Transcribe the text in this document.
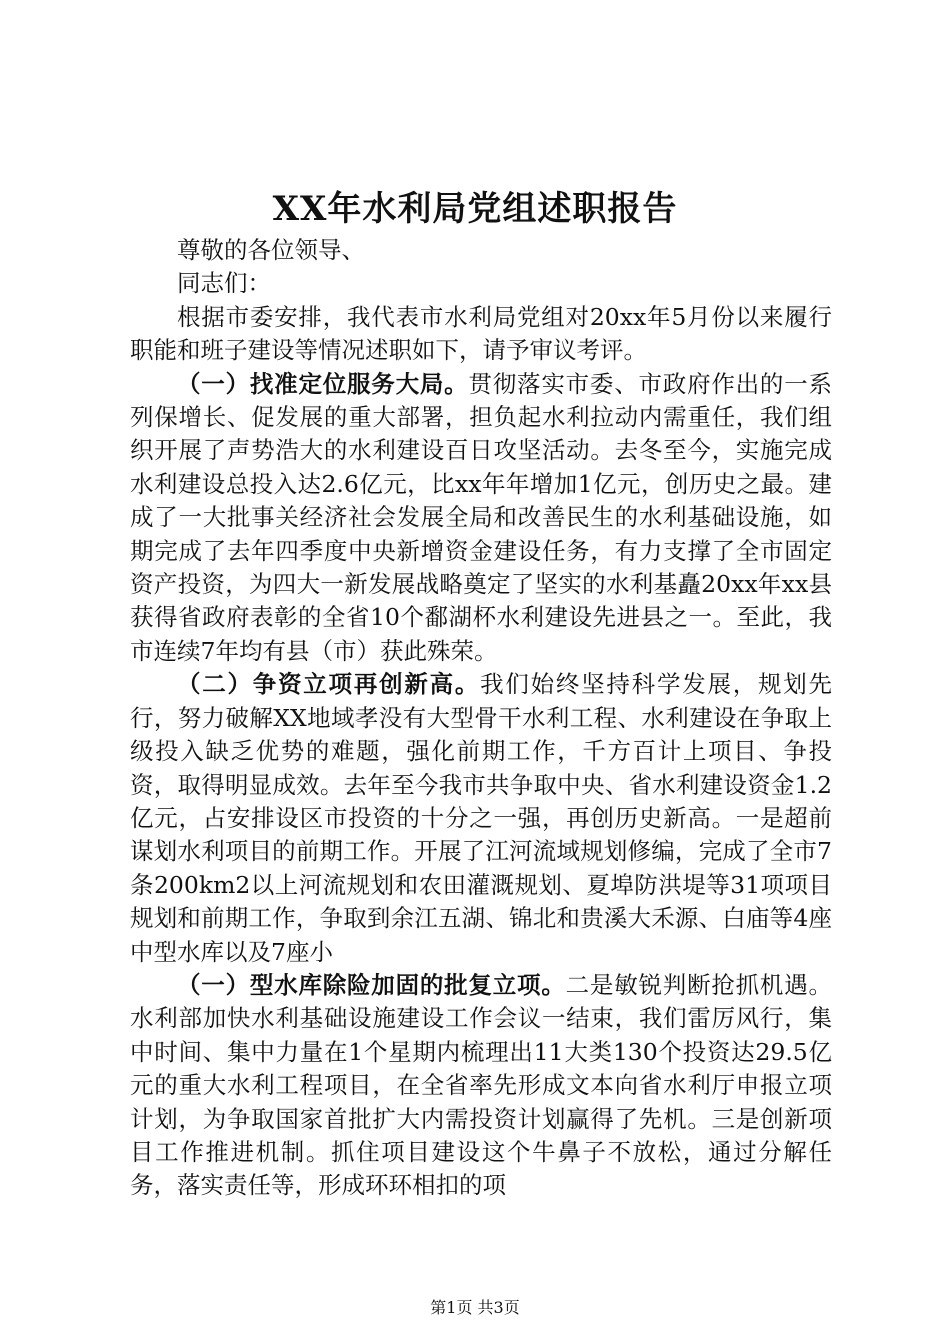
XX年水利局党组述职报告

尊敬的各位领导、

同志们：

根据市委安排，我代表市水利局党组对20xx年5月份以来履行职能和班子建设等情况述职如下，请予审议考评。

（一）找准定位服务大局。贯彻落实市委、市政府作出的一系列保增长、促发展的重大部署，担负起水利拉动内需重任，我们组织开展了声势浩大的水利建设百日攻坚活动。去冬至今，实施完成水利建设总投入达2.6亿元，比xx年年增加1亿元，创历史之最。建成了一大批事关经济社会发展全局和改善民生的水利基础设施，如期完成了去年四季度中央新增资金建设任务，有力支撑了全市固定资产投资，为四大一新发展战略奠定了坚实的水利基矗20xx年xx县获得省政府表彰的全省10个鄱湖杯水利建设先进县之一。至此，我市连续7年均有县（市）获此殊荣。

（二）争资立项再创新高。我们始终坚持科学发展，规划先行，努力破解XX地域孝没有大型骨干水利工程、水利建设在争取上级投入缺乏优势的难题，强化前期工作，千方百计上项目、争投资，取得明显成效。去年至今我市共争取中央、省水利建设资金1.2亿元，占安排设区市投资的十分之一强，再创历史新高。一是超前谋划水利项目的前期工作。开展了江河流域规划修编，完成了全市7条200km2以上河流规划和农田灌溉规划、夏埠防洪堤等31项项目规划和前期工作，争取到余江五湖、锦北和贵溪大禾源、白庙等4座中型水库以及7座小

（一）型水库除险加固的批复立项。二是敏锐判断抢抓机遇。水利部加快水利基础设施建设工作会议一结束，我们雷厉风行，集中时间、集中力量在1个星期内梳理出11大类130个投资达29.5亿元的重大水利工程项目，在全省率先形成文本向省水利厅申报立项计划，为争取国家首批扩大内需投资计划赢得了先机。三是创新项目工作推进机制。抓住项目建设这个牛鼻子不放松，通过分解任务，落实责任等，形成环环相扣的项

第1页 共3页
